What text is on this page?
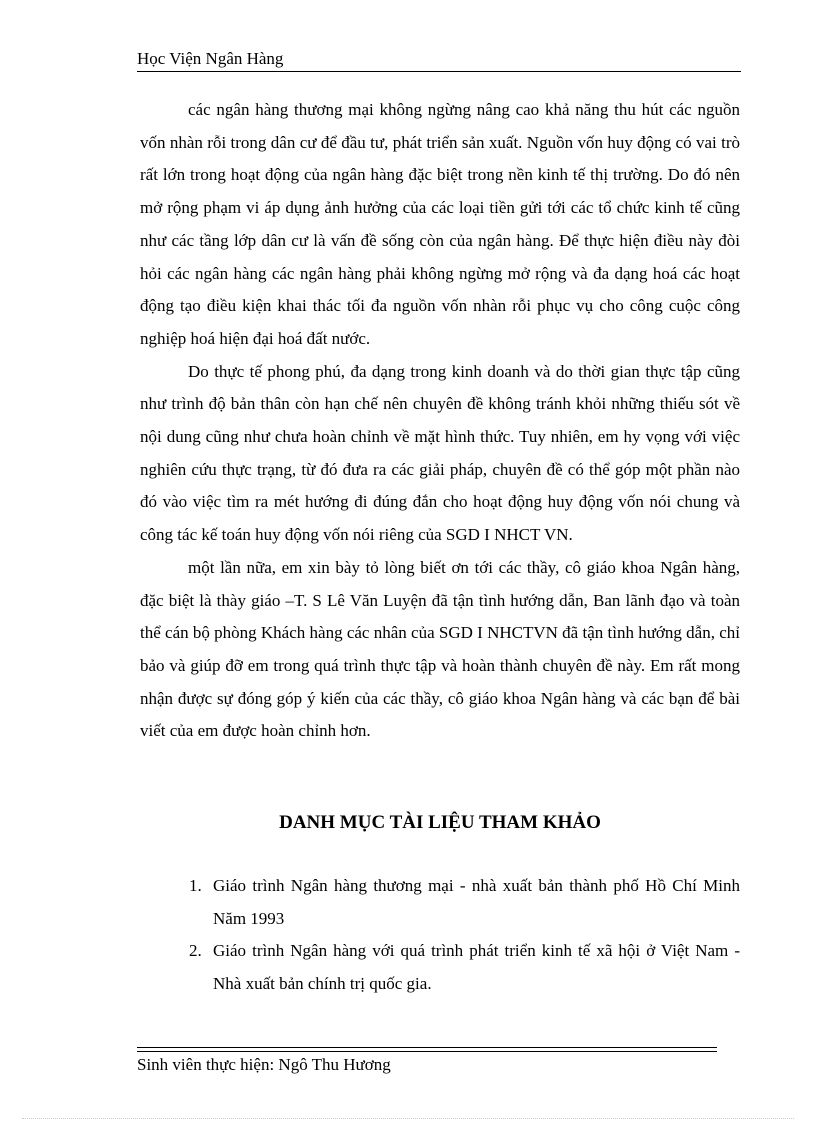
Học Viện Ngân Hàng

các ngân hàng thương mại không ngừng nâng cao khả năng thu hút các nguồn vốn nhàn rỗi trong dân cư để đầu tư, phát triển sản xuất. Nguồn vốn huy động có vai trò rất lớn trong hoạt động của ngân hàng đặc biệt trong nền kinh tế thị trường. Do đó nên mở rộng phạm vi áp dụng ảnh hưởng của các loại tiền gửi tới các tổ chức kinh tế cũng như các tầng lớp dân cư là vấn đề sống còn của ngân hàng. Để thực hiện điều này đòi hỏi các ngân hàng các ngân hàng phải không ngừng mở rộng và đa dạng hoá các hoạt động tạo điều kiện khai thác tối đa nguồn vốn nhàn rỗi phục vụ cho công cuộc công nghiệp hoá hiện đại hoá đất nước.

Do thực tế phong phú, đa dạng trong kinh doanh và do thời gian thực tập cũng như trình độ bản thân còn hạn chế nên chuyên đề không tránh khỏi những thiếu sót về nội dung cũng như chưa hoàn chỉnh về mặt hình thức. Tuy nhiên, em hy vọng với việc nghiên cứu thực trạng, từ đó đưa ra các giải pháp, chuyên đề có thể góp một phần nào đó vào việc tìm ra mét hướng đi đúng đắn cho hoạt động huy động vốn nói chung và công tác kế toán huy động vốn nói riêng của SGD I NHCT VN.

một lần nữa, em xin bày tỏ lòng biết ơn tới các thầy, cô giáo khoa Ngân hàng, đặc biệt là thày giáo –T. S Lê Văn Luyện đã tận tình hướng dẫn, Ban lãnh đạo và toàn thể cán bộ phòng Khách hàng các nhân của SGD I NHCTVN đã tận tình hướng dẫn, chỉ bảo và giúp đỡ em trong quá trình thực tập và hoàn thành chuyên đề này. Em rất mong nhận được sự đóng góp ý kiến của các thầy, cô giáo khoa Ngân hàng và các bạn để bài viết của em được hoàn chỉnh hơn.

DANH MỤC TÀI LIỆU THAM KHẢO
1. Giáo trình Ngân hàng thương mại - nhà xuất bản thành phố Hồ Chí Minh Năm 1993
2. Giáo trình Ngân hàng với quá trình phát triển kinh tế xã hội ở Việt Nam - Nhà xuất bản chính trị quốc gia.
Sinh viên thực hiện: Ngô Thu Hương
